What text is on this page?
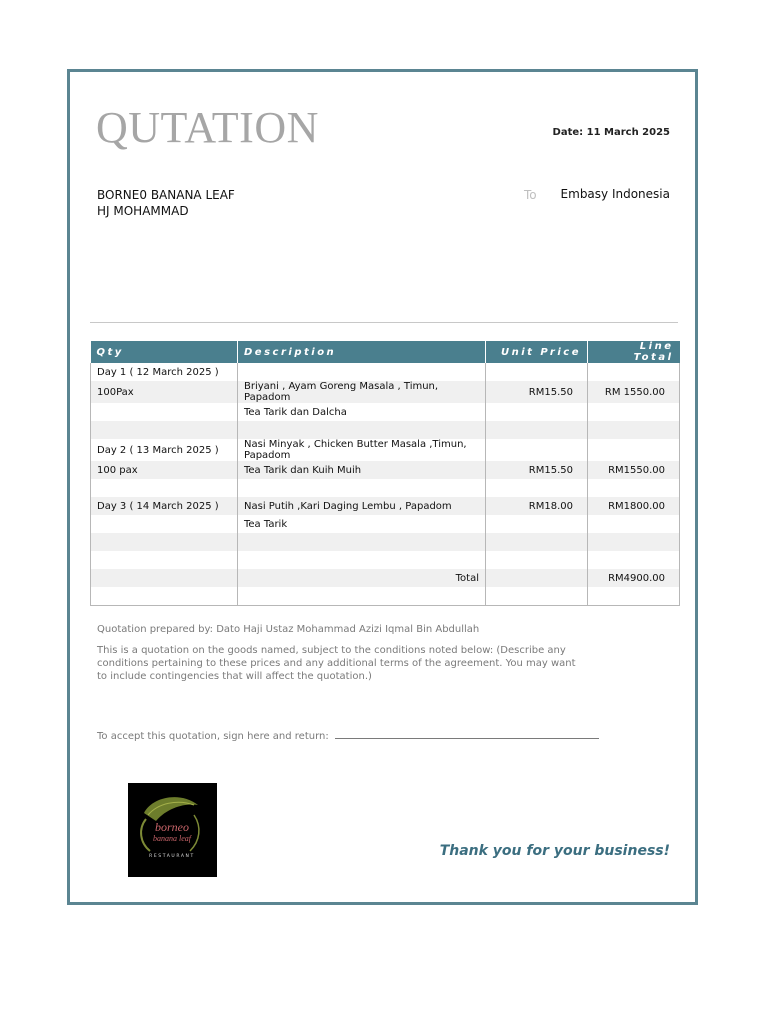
QUTATION	Date: 11 March 2025
BORNE0 BANANA LEAF
HJ MOHAMMAD
To Embasy Indonesia
Qty	Description	Unit Price	Line Total
Day 1 ( 12 March 2025 )			
100Pax	Briyani , Ayam Goreng Masala , Timun, Papadom	RM15.50	RM 1550.00
	Tea Tarik dan Dalcha		

Day 2 ( 13 March 2025 )	Nasi Minyak , Chicken Butter Masala ,Timun, Papadom		
100 pax	Tea Tarik dan Kuih Muih	RM15.50	RM1550.00

Day 3 ( 14 March 2025 )	Nasi Putih ,Kari Daging Lembu , Papadom	RM18.00	RM1800.00
	Tea Tarik		

	Total		RM4900.00

Quotation prepared by: Dato Haji Ustaz Mohammad Azizi Iqmal Bin Abdullah
This is a quotation on the goods named, subject to the conditions noted below: (Describe any conditions pertaining to these prices and any additional terms of the agreement. You may want to include contingencies that will affect the quotation.)
To accept this quotation, sign here and return:
borneo
banana leaf
RESTAURANT	Thank you for your business!
